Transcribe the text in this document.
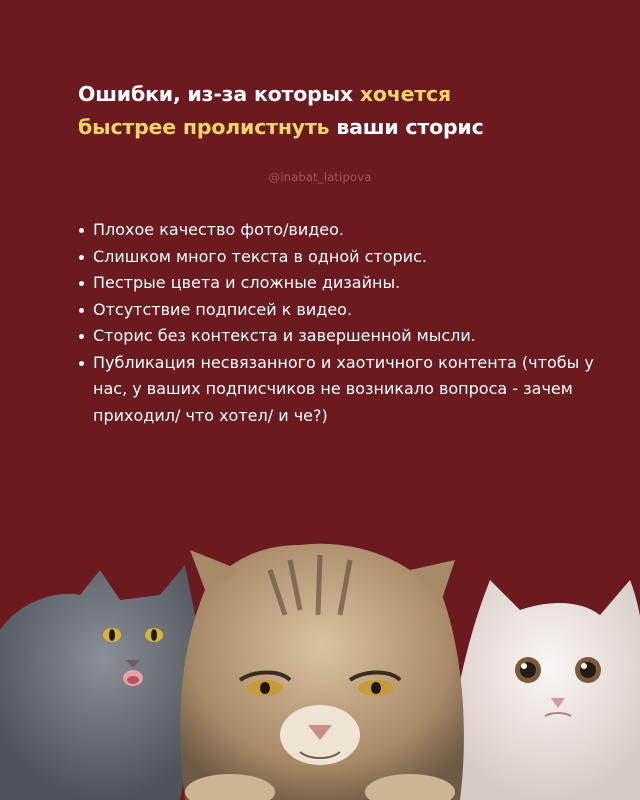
Ошибки, из-за которых хочется
быстрее пролистнуть ваши сторис
@inabat_latipova
Плохое качество фото/видео.
Слишком много текста в одной сторис.
Пестрые цвета и сложные дизайны.
Отсутствие подписей к видео.
Сторис без контекста и завершенной мысли.
Публикация несвязанного и хаотичного контента (чтобы у нас, у ваших подписчиков не возникало вопроса - зачем приходил/ что хотел/ и че?)
